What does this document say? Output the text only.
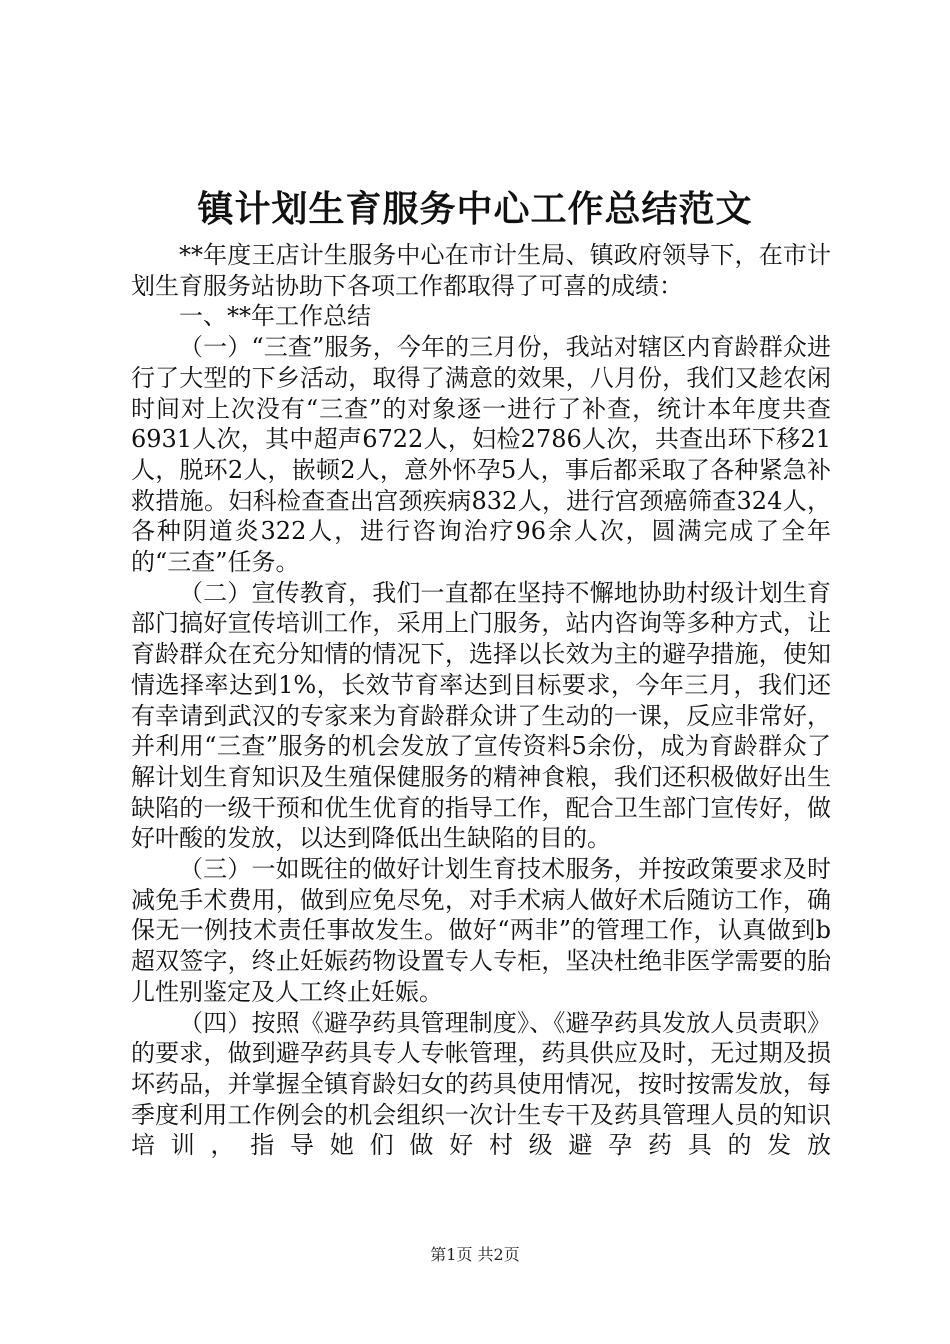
镇计划生育服务中心工作总结范文

**年度王店计生服务中心在市计生局、镇政府领导下，在市计划生育服务站协助下各项工作都取得了可喜的成绩：

一、**年工作总结

（一）“三查”服务，今年的三月份，我站对辖区内育龄群众进行了大型的下乡活动，取得了满意的效果，八月份，我们又趁农闲时间对上次没有“三查”的对象逐一进行了补查，统计本年度共查6931人次，其中超声6722人，妇检2786人次，共查出环下移21人，脱环2人，嵌顿2人，意外怀孕5人，事后都采取了各种紧急补救措施。妇科检查查出宫颈疾病832人，进行宫颈癌筛查324人，各种阴道炎322人，进行咨询治疗96余人次，圆满完成了全年的“三查”任务。

（二）宣传教育，我们一直都在坚持不懈地协助村级计划生育部门搞好宣传培训工作，采用上门服务，站内咨询等多种方式，让育龄群众在充分知情的情况下，选择以长效为主的避孕措施，使知情选择率达到1%，长效节育率达到目标要求，今年三月，我们还有幸请到武汉的专家来为育龄群众讲了生动的一课，反应非常好，并利用“三查”服务的机会发放了宣传资料5余份，成为育龄群众了解计划生育知识及生殖保健服务的精神食粮，我们还积极做好出生缺陷的一级干预和优生优育的指导工作，配合卫生部门宣传好，做好叶酸的发放，以达到降低出生缺陷的目的。

（三）一如既往的做好计划生育技术服务，并按政策要求及时减免手术费用，做到应免尽免，对手术病人做好术后随访工作，确保无一例技术责任事故发生。做好“两非”的管理工作，认真做到b超双签字，终止妊娠药物设置专人专柜，坚决杜绝非医学需要的胎儿性别鉴定及人工终止妊娠。

（四）按照《避孕药具管理制度》、《避孕药具发放人员责职》的要求，做到避孕药具专人专帐管理，药具供应及时，无过期及损坏药品，并掌握全镇育龄妇女的药具使用情况，按时按需发放，每季度利用工作例会的机会组织一次计生专干及药具管理人员的知识培训，指导她们做好村级避孕药具的发放

第1页 共2页
